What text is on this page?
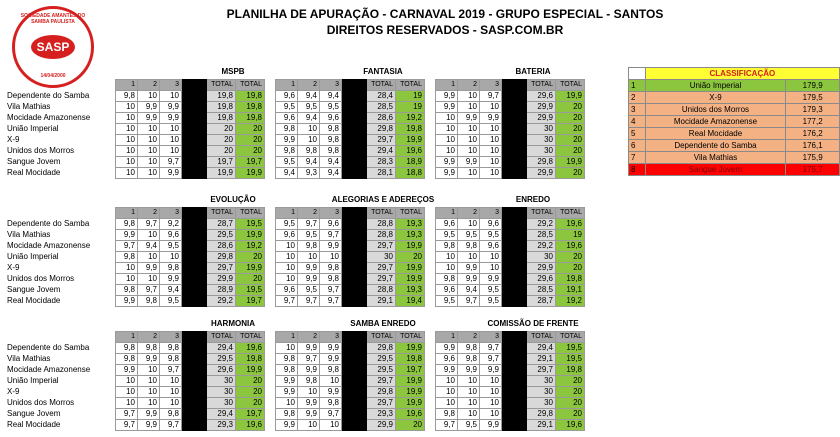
SOCIEDADE AMANTES DO SAMBA PAULISTA
SASP
14/04/2000
PLANILHA DE APURAÇÃO - CARNAVAL 2019 - GRUPO ESPECIAL - SANTOS
DIREITOS RESERVADOS - SASP.COM.BR
MSPB	FANTASIA	BATERIA
	1	2	3		TOTAL	TOTAL		1	2	3		TOTAL	TOTAL		1	2	3		TOTAL	TOTAL
Dependente do Samba	9,8	10	10		19,8	19,8		9,6	9,4	9,4		28,4	19		9,9	10	9,7		29,6	19,9
Vila Mathias	10	9,9	9,9		19,8	19,8		9,5	9,5	9,5		28,5	19		9,9	10	10		29,9	20
Mocidade Amazonense	10	9,9	9,9		19,8	19,8		9,6	9,4	9,6		28,6	19,2		10	9,9	9,9		29,9	20
União Imperial	10	10	10		20	20		9,8	10	9,8		29,8	19,8		10	10	10		30	20
X-9	10	10	10		20	20		9,9	10	9,8		29,7	19,9		10	10	10		30	20
Unidos dos Morros	10	10	10		20	20		9,8	9,8	9,8		29,4	19,6		10	10	10		30	20
Sangue Jovem	10	10	9,7		19,7	19,7		9,5	9,4	9,4		28,3	18,9		9,9	9,9	10		29,8	19,9
Real Mocidade	10	10	9,9		19,9	19,9		9,4	9,3	9,4		28,1	18,8		9,9	10	10		29,9	20
EVOLUÇÃO	ALEGORIAS E ADEREÇOS	ENREDO
	1	2	3		TOTAL	TOTAL		1	2	3		TOTAL	TOTAL		1	2	3		TOTAL	TOTAL
Dependente do Samba	9,8	9,7	9,2		28,7	19,5		9,5	9,7	9,6		28,8	19,3		9,6	10	9,6		29,2	19,6
Vila Mathias	9,9	10	9,6		29,5	19,9		9,6	9,5	9,7		28,8	19,3		9,5	9,5	9,5		28,5	19
Mocidade Amazonense	9,7	9,4	9,5		28,6	19,2		10	9,8	9,9		29,7	19,9		9,8	9,8	9,6		29,2	19,6
União Imperial	9,8	10	10		29,8	20		10	10	10		30	20		10	10	10		30	20
X-9	10	9,9	9,8		29,7	19,9		10	9,9	9,8		29,7	19,9		10	9,9	10		29,9	20
Unidos dos Morros	10	10	9,9		29,9	20		10	9,9	9,8		29,7	19,9		9,8	9,9	9,9		29,6	19,8
Sangue Jovem	9,8	9,7	9,4		28,9	19,5		9,6	9,5	9,7		28,8	19,3		9,6	9,4	9,5		28,5	19,1
Real Mocidade	9,9	9,8	9,5		29,2	19,7		9,7	9,7	9,7		29,1	19,4		9,5	9,7	9,5		28,7	19,2
HARMONIA	SAMBA ENREDO	COMISSÃO DE FRENTE
	1	2	3		TOTAL	TOTAL		1	2	3		TOTAL	TOTAL		1	2	3		TOTAL	TOTAL
Dependente do Samba	9,8	9,8	9,8		29,4	19,6		10	9,9	9,9		29,8	19,9		9,9	9,8	9,7		29,4	19,5
Vila Mathias	9,8	9,9	9,8		29,5	19,8		9,8	9,7	9,9		29,5	19,8		9,6	9,8	9,7		29,1	19,5
Mocidade Amazonense	9,9	10	9,7		29,6	19,9		9,8	9,9	9,8		29,5	19,7		9,9	9,9	9,9		29,7	19,8
União Imperial	10	10	10		30	20		9,9	9,8	10		29,7	19,9		10	10	10		30	20
X-9	10	10	10		30	20		9,9	10	9,9		29,8	19,9		10	10	10		30	20
Unidos dos Morros	10	10	10		30	20		10	9,9	9,8		29,7	19,9		10	10	10		30	20
Sangue Jovem	9,7	9,9	9,8		29,4	19,7		9,8	9,9	9,7		29,3	19,6		9,8	10	10		29,8	20
Real Mocidade	9,7	9,9	9,7		29,3	19,6		9,9	10	10		29,9	20		9,7	9,5	9,9		29,1	19,6
	CLASSIFICAÇÃO	
1	União Imperial	179,9
2	X-9	179,5
3	Unidos dos Morros	179,3
4	Mocidade Amazonense	177,2
5	Real Mocidade	176,2
6	Dependente do Samba	176,1
7	Vila Mathias	175,9
8	Sangue Jovem	175,7
